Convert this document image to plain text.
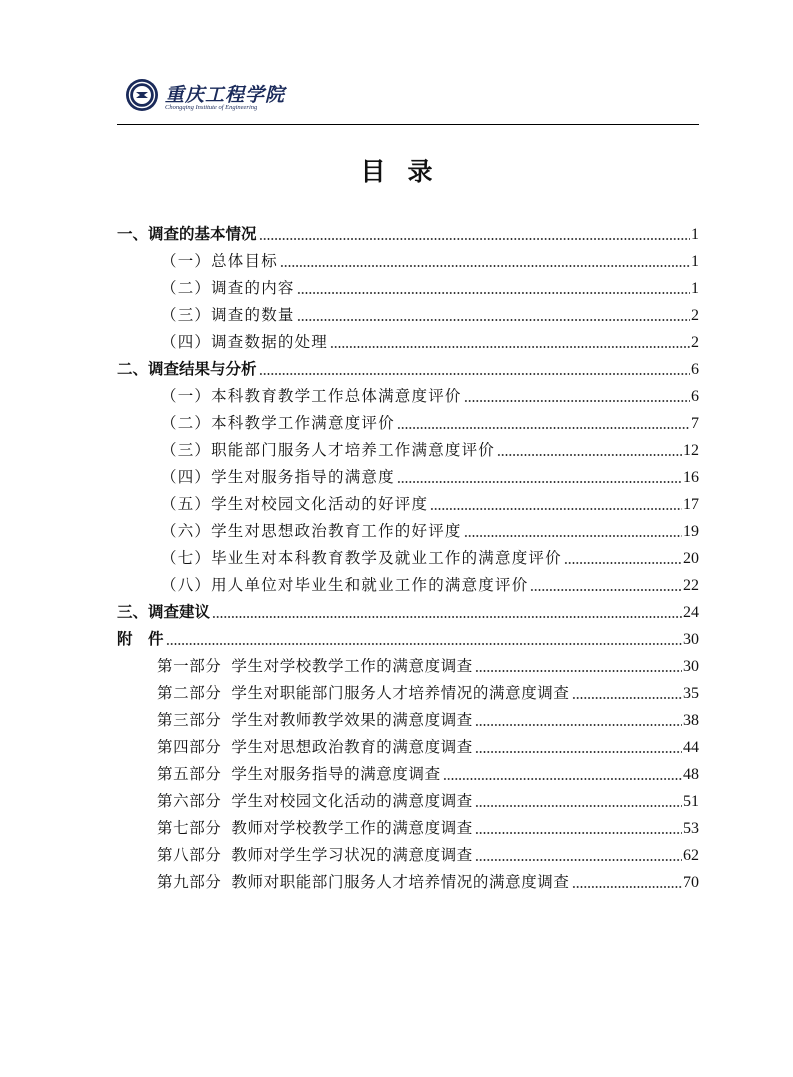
重庆工程学院
Chongqing Institute of Engineering
目录
一、调查的基本情况	1
（一）总体目标	1
（二）调查的内容	1
（三）调查的数量	2
（四）调查数据的处理	2
二、调查结果与分析	6
（一）本科教育教学工作总体满意度评价	6
（二）本科教学工作满意度评价	7
（三）职能部门服务人才培养工作满意度评价	12
（四）学生对服务指导的满意度	16
（五）学生对校园文化活动的好评度	17
（六）学生对思想政治教育工作的好评度	19
（七）毕业生对本科教育教学及就业工作的满意度评价	20
（八）用人单位对毕业生和就业工作的满意度评价	22
三、调查建议	24
附　件	30
第一部分 学生对学校教学工作的满意度调查	30
第二部分 学生对职能部门服务人才培养情况的满意度调查	35
第三部分 学生对教师教学效果的满意度调查	38
第四部分 学生对思想政治教育的满意度调查	44
第五部分 学生对服务指导的满意度调查	48
第六部分 学生对校园文化活动的满意度调查	51
第七部分 教师对学校教学工作的满意度调查	53
第八部分 教师对学生学习状况的满意度调查	62
第九部分 教师对职能部门服务人才培养情况的满意度调查	70
